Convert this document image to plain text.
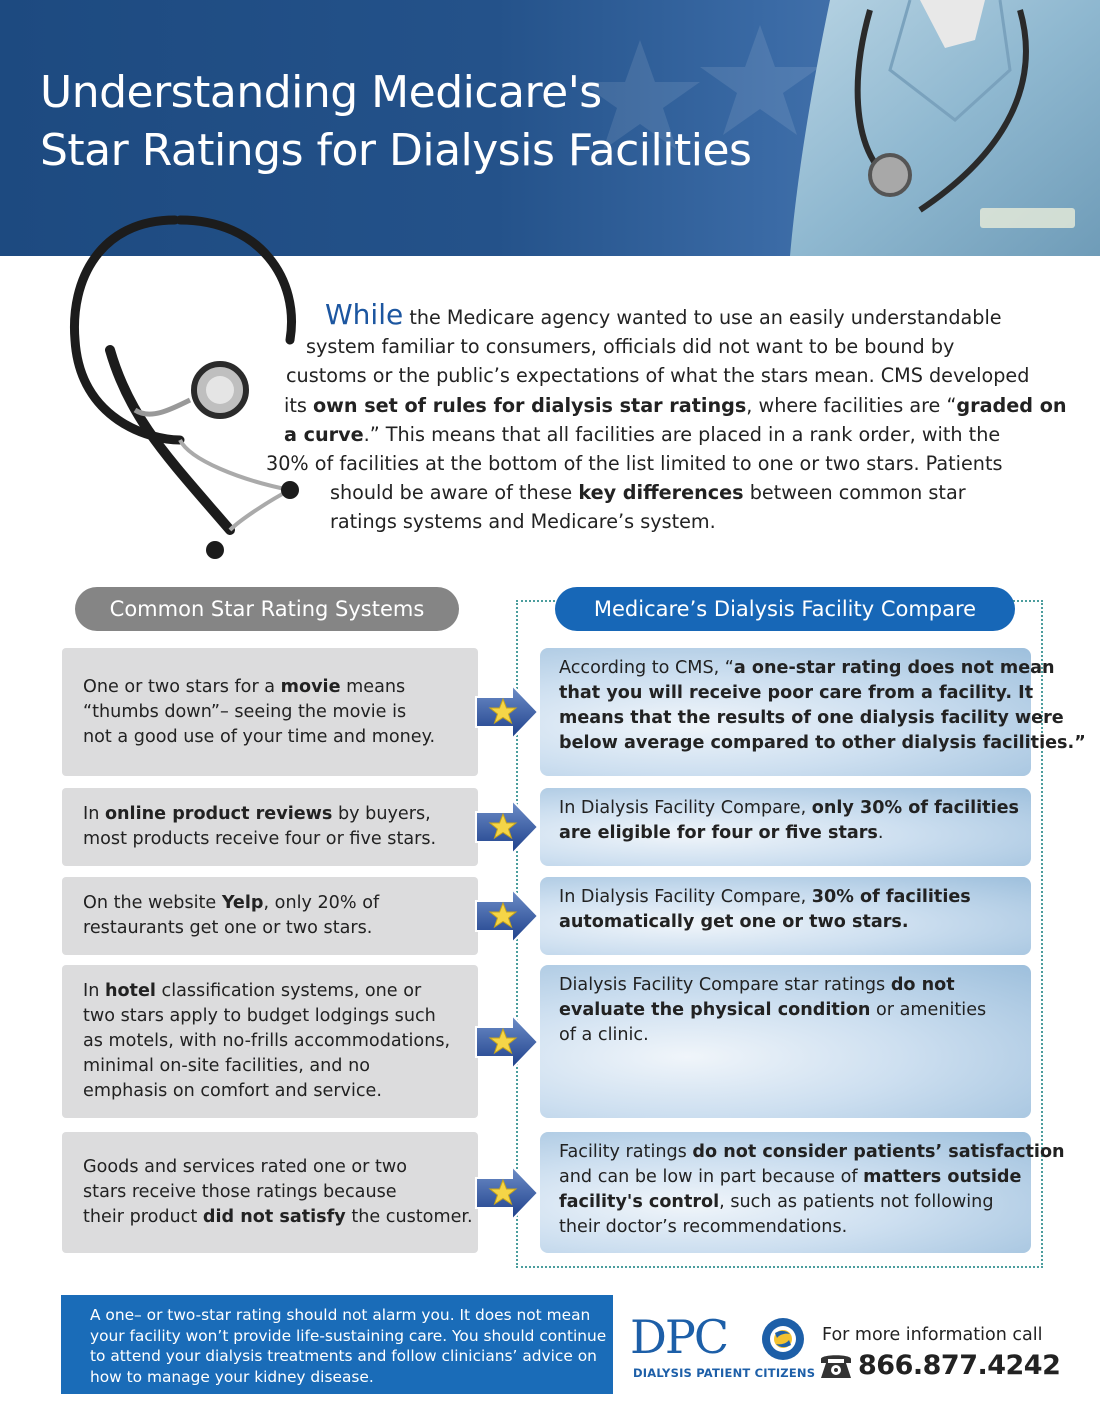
Understanding Medicare's
Star Ratings for Dialysis Facilities
While the Medicare agency wanted to use an easily understandable
system familiar to consumers, officials did not want to be bound by
customs or the public’s expectations of what the stars mean. CMS developed
its own set of rules for dialysis star ratings, where facilities are “graded on
a curve.” This means that all facilities are placed in a rank order, with the
30% of facilities at the bottom of the list limited to one or two stars. Patients
should be aware of these key differences between common star
ratings systems and Medicare’s system.
Common Star Rating Systems	Medicare’s Dialysis Facility Compare
One or two stars for a movie means
“thumbs down”– seeing the movie is
not a good use of your time and money.
According to CMS, “a one-star rating does not mean
that you will receive poor care from a facility. It
means that the results of one dialysis facility were
below average compared to other dialysis facilities.”
In online product reviews by buyers,
most products receive four or five stars.
In Dialysis Facility Compare, only 30% of facilities
are eligible for four or five stars.
On the website Yelp, only 20% of
restaurants get one or two stars.
In Dialysis Facility Compare, 30% of facilities
automatically get one or two stars.
In hotel classification systems, one or
two stars apply to budget lodgings such
as motels, with no-frills accommodations,
minimal on-site facilities, and no
emphasis on comfort and service.
Dialysis Facility Compare star ratings do not
evaluate the physical condition or amenities
of a clinic.
Goods and services rated one or two
stars receive those ratings because
their product did not satisfy the customer.
Facility ratings do not consider patients’ satisfaction
and can be low in part because of matters outside
facility's control, such as patients not following
their doctor’s recommendations.
A one– or two-star rating should not alarm you. It does not mean
your facility won’t provide life-sustaining care. You should continue
to attend your dialysis treatments and follow clinicians’ advice on
how to manage your kidney disease.
DPC
DIALYSIS PATIENT CITIZENS
For more information call
866.877.4242
